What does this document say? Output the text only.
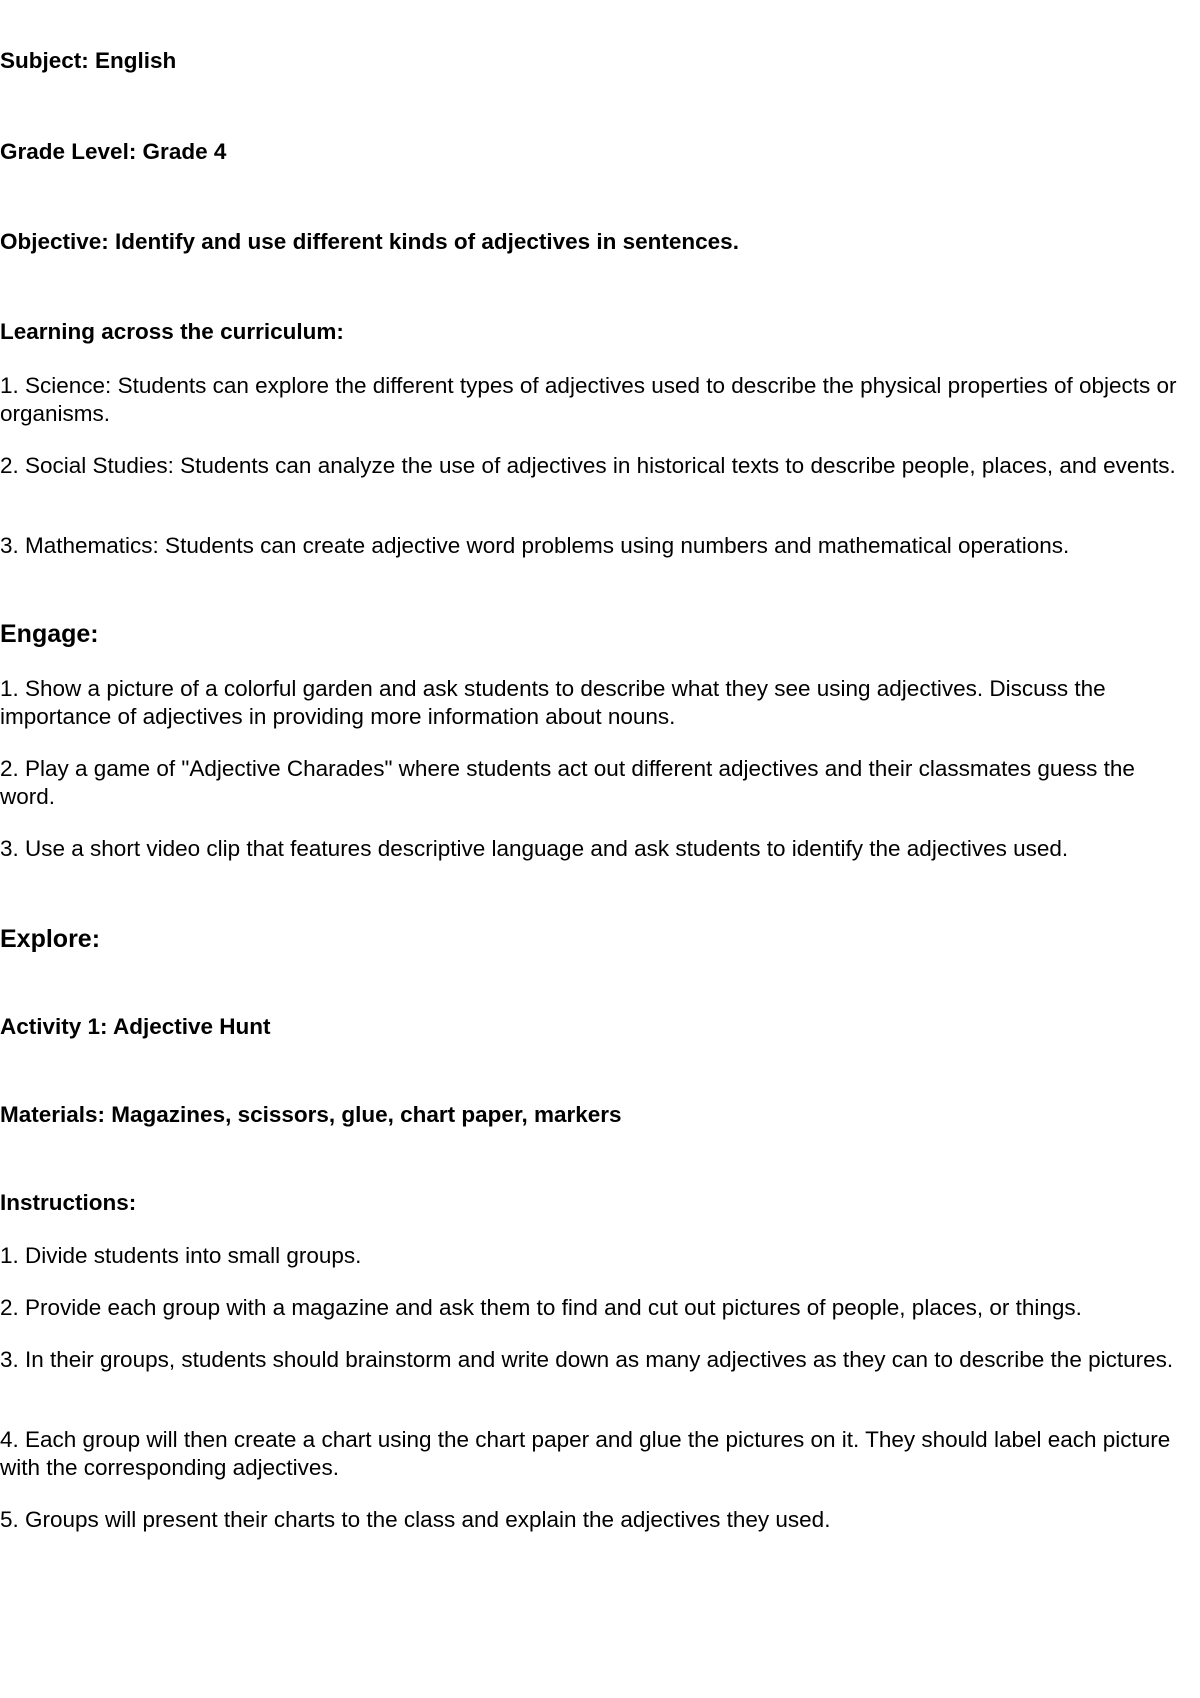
Subject: English

Grade Level: Grade 4

Objective: Identify and use different kinds of adjectives in sentences.

Learning across the curriculum:

1. Science: Students can explore the different types of adjectives used to describe the physical properties of objects or organisms.

2. Social Studies: Students can analyze the use of adjectives in historical texts to describe people, places, and events.

3. Mathematics: Students can create adjective word problems using numbers and mathematical operations.

Engage:

1. Show a picture of a colorful garden and ask students to describe what they see using adjectives. Discuss the importance of adjectives in providing more information about nouns.

2. Play a game of "Adjective Charades" where students act out different adjectives and their classmates guess the word.

3. Use a short video clip that features descriptive language and ask students to identify the adjectives used.

Explore:

Activity 1: Adjective Hunt

Materials: Magazines, scissors, glue, chart paper, markers

Instructions:

1. Divide students into small groups.

2. Provide each group with a magazine and ask them to find and cut out pictures of people, places, or things.

3. In their groups, students should brainstorm and write down as many adjectives as they can to describe the pictures.

4. Each group will then create a chart using the chart paper and glue the pictures on it. They should label each picture with the corresponding adjectives.

5. Groups will present their charts to the class and explain the adjectives they used.
